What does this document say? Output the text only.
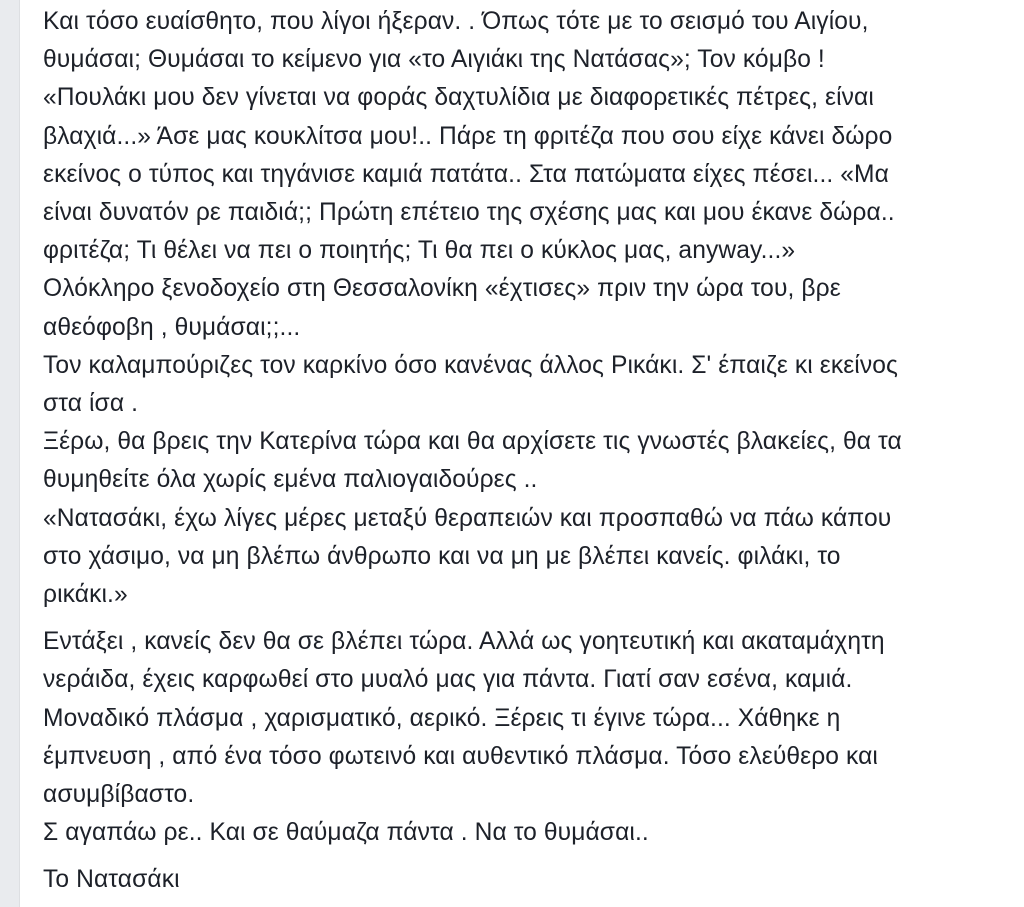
Και τόσο ευαίσθητο, που λίγοι ήξεραν. . Όπως τότε με το σεισμό του Αιγίου,
θυμάσαι; Θυμάσαι το κείμενο για «το Αιγιάκι της Νατάσας»; Τον κόμβο !
«Πουλάκι μου δεν γίνεται να φοράς δαχτυλίδια με διαφορετικές πέτρες, είναι
βλαχιά...» Άσε μας κουκλίτσα μου!.. Πάρε τη φριτέζα που σου είχε κάνει δώρο
εκείνος ο τύπος και τηγάνισε καμιά πατάτα.. Στα πατώματα είχες πέσει... «Μα
είναι δυνατόν ρε παιδιά;; Πρώτη επέτειο της σχέσης μας και μου έκανε δώρα..
φριτέζα; Τι θέλει να πει ο ποιητής; Τι θα πει ο κύκλος μας, anyway...»
Ολόκληρο ξενοδοχείο στη Θεσσαλονίκη «έχτισες» πριν την ώρα του, βρε
αθεόφοβη , θυμάσαι;;...
Τον καλαμπούριζες τον καρκίνο όσο κανένας άλλος Ρικάκι. Σ' έπαιζε κι εκείνος
στα ίσα .
Ξέρω, θα βρεις την Κατερίνα τώρα και θα αρχίσετε τις γνωστές βλακείες, θα τα
θυμηθείτε όλα χωρίς εμένα παλιογαιδούρες ..
«Νατασάκι, έχω λίγες μέρες μεταξύ θεραπειών και προσπαθώ να πάω κάπου
στο χάσιμο, να μη βλέπω άνθρωπο και να μη με βλέπει κανείς. φιλάκι, το
ρικάκι.»

Εντάξει , κανείς δεν θα σε βλέπει τώρα. Αλλά ως γοητευτική και ακαταμάχητη
νεράιδα, έχεις καρφωθεί στο μυαλό μας για πάντα. Γιατί σαν εσένα, καμιά.
Μοναδικό πλάσμα , χαρισματικό, αερικό. Ξέρεις τι έγινε τώρα... Χάθηκε η
έμπνευση , από ένα τόσο φωτεινό και αυθεντικό πλάσμα. Τόσο ελεύθερο και
ασυμβίβαστο.
Σ αγαπάω ρε.. Και σε θαύμαζα πάντα . Να το θυμάσαι..

Το Νατασάκι
